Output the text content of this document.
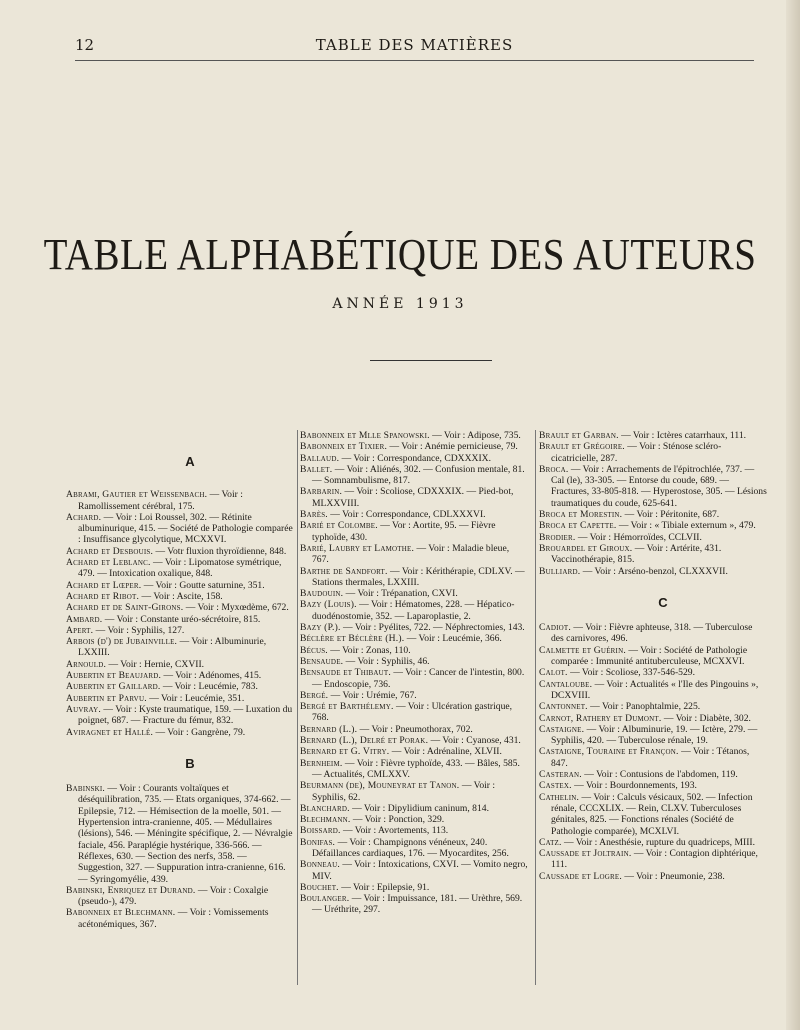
12	TABLE DES MATIÈRES
TABLE ALPHABÉTIQUE DES AUTEURS
ANNÉE 1913
A

Abrami, Gautier et Weissenbach. — Voir : Ramollissement cérébral, 175.

Achard. — Voir : Loi Roussel, 302. — Rétinite albuminurique, 415. — Société de Pathologie comparée : Insuffisance glycolytique, MCXXVI.

Achard et Desbouis. — Votr fluxion thyroïdienne, 848.

Achard et Leblanc. — Voir : Lipomatose symétrique, 479. — Intoxication oxalique, 848.

Achard et Lœper. — Voir : Goutte saturnine, 351.

Achard et Ribot. — Voir : Ascite, 158.

Achard et de Saint-Girons. — Voir : Myxœdème, 672.

Ambard. — Voir : Constante uréo-sécrétoire, 815.

Apert. — Voir : Syphilis, 127.

Arbois (d') de Jubainville. — Voir : Albuminurie, LXXIII.

Arnould. — Voir : Hernie, CXVII.

Aubertin et Beaujard. — Voir : Adénomes, 415.

Aubertin et Gaillard. — Voir : Leucémie, 783.

Aubertin et Parvu. — Voir : Leucémie, 351.

Auvray. — Voir : Kyste traumatique, 159. — Luxation du poignet, 687. — Fracture du fémur, 832.

Aviragnet et Hallé. — Voir : Gangrène, 79.

B

Babinski. — Voir : Courants voltaïques et déséquilibration, 735. — Etats organiques, 374-662. — Epilepsie, 712. — Hémisection de la moelle, 501. — Hypertension intra-cranienne, 405. — Médullaires (lésions), 546. — Méningite spécifique, 2. — Névralgie faciale, 456. Paraplégie hystérique, 336-566. — Réflexes, 630. — Section des nerfs, 358. — Suggestion, 327. — Suppuration intra-cranienne, 616. — Syringomyélie, 439.

Babinski, Enriquez et Durand. — Voir : Coxalgie (pseudo-), 479.

Babonneix et Blechmann. — Voir : Vomissements acétonémiques, 367.

Babonneix et Mlle Spanowski. — Voir : Adipose, 735.

Babonneix et Tixier. — Voir : Anémie pernicieuse, 79.

Ballaud. — Voir : Correspondance, CDXXXIX.

Ballet. — Voir : Aliénés, 302. — Confusion mentale, 81. — Somnambulisme, 817.

Barbarin. — Voir : Scoliose, CDXXXIX. — Pied-bot, MLXXVIII.

Barès. — Voir : Correspondance, CDLXXXVI.

Barié et Colombe. — Vor : Aortite, 95. — Fièvre typhoïde, 430.

Barié, Laubry et Lamothe. — Voir : Maladie bleue, 767.

Barthe de Sandfort. — Voir : Kérithérapie, CDLXV. — Stations thermales, LXXIII.

Baudouin. — Voir : Trépanation, CXVI.

Bazy (Louis). — Voir : Hématomes, 228. — Hépatico-duodénostomie, 352. — Laparoplastie, 2.

Bazy (P.). — Voir : Pyélites, 722. — Néphrectomies, 143.

Béclère et Béclère (H.). — Voir : Leucémie, 366.

Bécus. — Voir : Zonas, 110.

Bensaude. — Voir : Syphilis, 46.

Bensaude et Thibaut. — Voir : Cancer de l'intestin, 800. — Endoscopie, 736.

Bergé. — Voir : Urémie, 767.

Bergé et Barthélemy. — Voir : Ulcération gastrique, 768.

Bernard (L.). — Voir : Pneumothorax, 702.

Bernard (L.), Delré et Porak. — Voir : Cyanose, 431.

Bernard et G. Vitry. — Voir : Adrénaline, XLVII.

Bernheim. — Voir : Fièvre typhoïde, 433. — Bâles, 585. — Actualités, CMLXXV.

Beurmann (de), Mouneyrat et Tanon. — Voir : Syphilis, 62.

Blanchard. — Voir : Dipylidium caninum, 814.

Blechmann. — Voir : Ponction, 329.

Boissard. — Voir : Avortements, 113.

Bonifas. — Voir : Champignons vénéneux, 240. Défaillances cardiaques, 176. — Myocardites, 256.

Bonneau. — Voir : Intoxications, CXVI. — Vomito negro, MIV.

Bouchet. — Voir : Epilepsie, 91.

Boulanger. — Voir : Impuissance, 181. — Urèthre, 569. — Uréthrite, 297.

Brault et Garban. — Voir : Ictères catarrhaux, 111.

Brault et Grégoire. — Voir : Sténose scléro-cicatricielle, 287.

Broca. — Voir : Arrachements de l'épitrochlée, 737. — Cal (le), 33-305. — Entorse du coude, 689. — Fractures, 33-805-818. — Hyperostose, 305. — Lésions traumatiques du coude, 625-641.

Broca et Morestin. — Voir : Péritonite, 687.

Broca et Capette. — Voir : « Tibiale externum », 479.

Brodier. — Voir : Hémorroïdes, CCLVII.

Brouardel et Giroux. — Voir : Artérite, 431. Vaccinothérapie, 815.

Bulliard. — Voir : Arséno-benzol, CLXXXVII.

C

Cadiot. — Voir : Fièvre aphteuse, 318. — Tuberculose des carnivores, 496.

Calmette et Guérin. — Voir : Société de Pathologie comparée : Immunité antituberculeuse, MCXXVI.

Calot. — Voir : Scoliose, 337-546-529.

Cantaloube. — Voir : Actualités « l'Ile des Pingouins », DCXVIII.

Cantonnet. — Voir : Panophtalmie, 225.

Carnot, Rathery et Dumont. — Voir : Diabète, 302.

Castaigne. — Voir : Albuminurie, 19. — Ictère, 279. — Syphilis, 420. — Tuberculose rénale, 19.

Castaigne, Touraine et Françon. — Voir : Tétanos, 847.

Casteran. — Voir : Contusions de l'abdomen, 119.

Castex. — Voir : Bourdonnements, 193.

Cathelin. — Voir : Calculs vésicaux, 502. — Infection rénale, CCCXLIX. — Rein, CLXV. Tuberculoses génitales, 825. — Fonctions rénales (Société de Pathologie comparée), MCXLVI.

Catz. — Voir : Anesthésie, rupture du quadriceps, MIII.

Caussade et Joltrain. — Voir : Contagion diphtérique, 111.

Caussade et Logre. — Voir : Pneumonie, 238.
